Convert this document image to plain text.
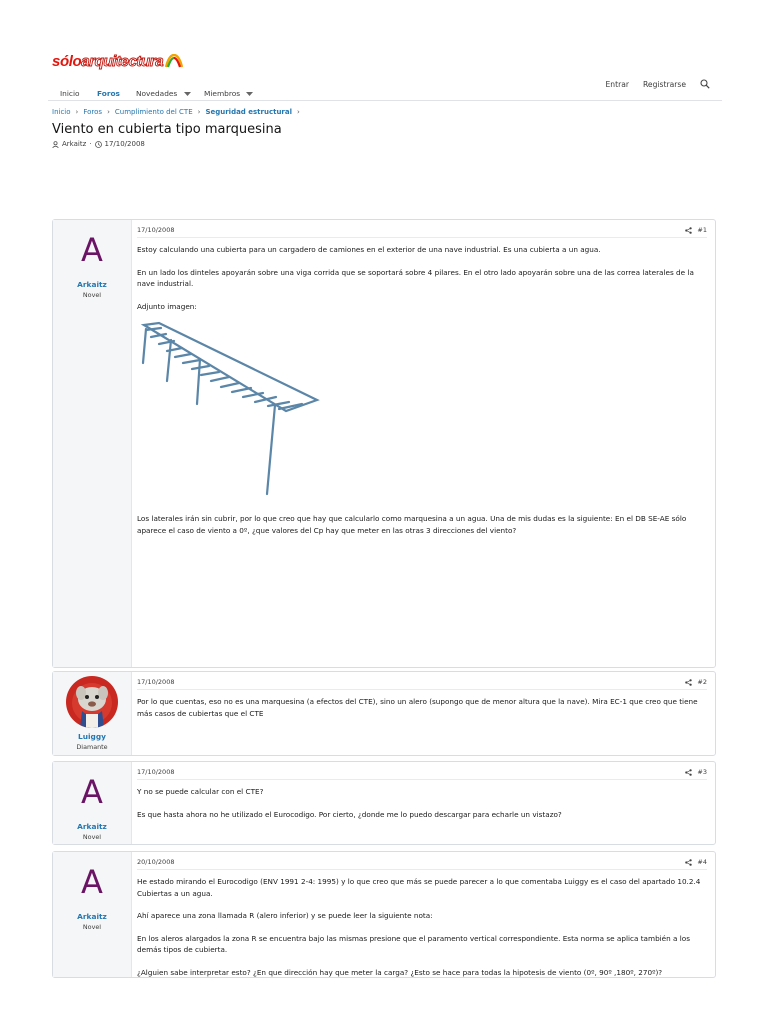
sóloarquitectura
Inicio Foros Novedades	Miembros
Entrar Registrarse
Inicio › Foros › Cumplimiento del CTE › Seguridad estructural ›
Viento en cubierta tipo marquesina
Arkaitz · 17/10/2008
A
Arkaitz
Novel
17/10/2008	#1

Estoy calculando una cubierta para un cargadero de camiones en el exterior de una nave industrial. Es una cubierta a un agua.

En un lado los dinteles apoyarán sobre una viga corrida que se soportará sobre 4 pilares. En el otro lado apoyarán sobre una de las correa laterales de la nave industrial.

Adjunto imagen:

Los laterales irán sin cubrir, por lo que creo que hay que calcularlo como marquesina a un agua. Una de mis dudas es la siguiente: En el DB SE-AE sólo aparece el caso de viento a 0º, ¿que valores del Cp hay que meter en las otras 3 direcciones del viento?

Luiggy
Diamante
17/10/2008	#2

Por lo que cuentas, eso no es una marquesina (a efectos del CTE), sino un alero (supongo que de menor altura que la nave). Mira EC-1 que creo que tiene más casos de cubiertas que el CTE

A
Arkaitz
Novel
17/10/2008	#3

Y no se puede calcular con el CTE?

Es que hasta ahora no he utilizado el Eurocodigo. Por cierto, ¿donde me lo puedo descargar para echarle un vistazo?

A
Arkaitz
Novel
20/10/2008	#4

He estado mirando el Eurocodigo (ENV 1991 2-4: 1995) y lo que creo que más se puede parecer a lo que comentaba Luiggy es el caso del apartado 10.2.4 Cubiertas a un agua.

Ahí aparece una zona llamada R (alero inferior) y se puede leer la siguiente nota:

En los aleros alargados la zona R se encuentra bajo las mismas presione que el paramento vertical correspondiente. Esta norma se aplica también a los demás tipos de cubierta.

¿Alguien sabe interpretar esto? ¿En que dirección hay que meter la carga? ¿Esto se hace para todas la hipotesis de viento (0º, 90º ,180º, 270º)?
